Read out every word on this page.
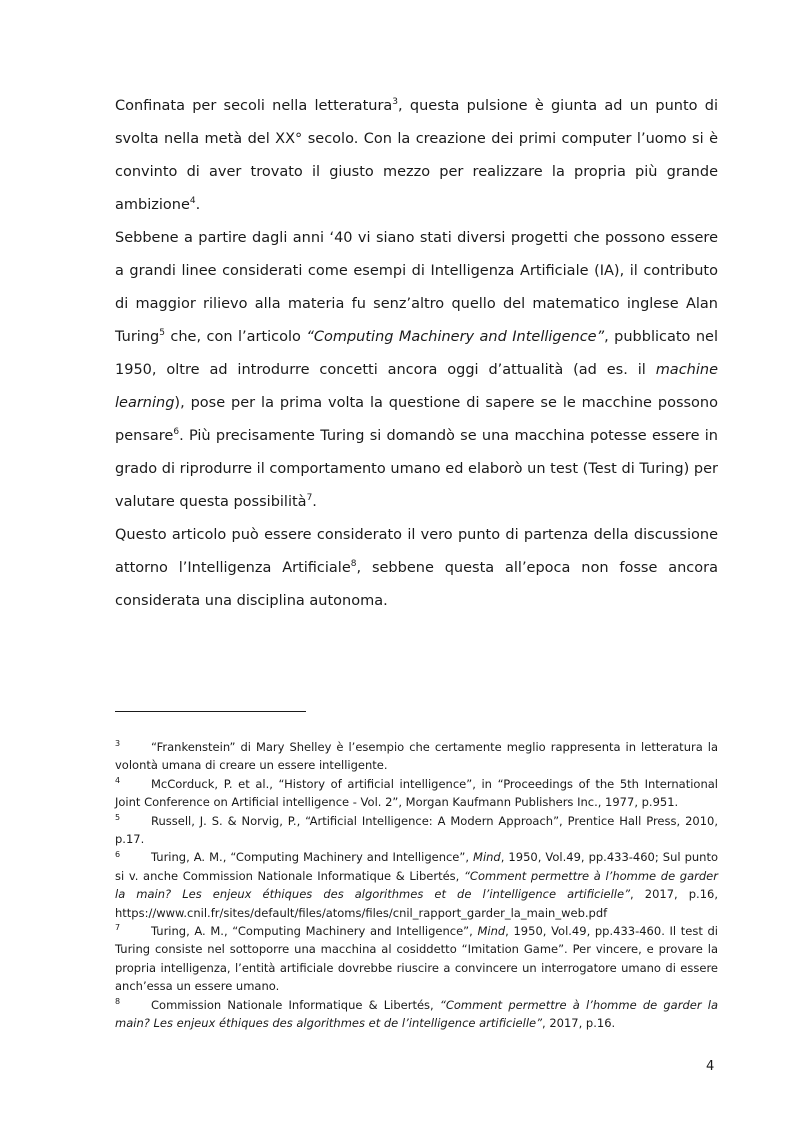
Confinata per secoli nella letteratura$^3$, questa pulsione è giunta ad un punto di svolta nella metà del XX° secolo. Con la creazione dei primi computer l’uomo si è convinto di aver trovato il giusto mezzo per realizzare la propria più grande ambizione$^4$.

Sebbene a partire dagli anni ‘40 vi siano stati diversi progetti che possono essere a grandi linee considerati come esempi di Intelligenza Artificiale (IA), il contributo di maggior rilievo alla materia fu senz’altro quello del matematico inglese Alan Turing$^5$ che, con l’articolo “Computing Machinery and Intelligence”, pubblicato nel 1950, oltre ad introdurre concetti ancora oggi d’attualità (ad es. il machine learning), pose per la prima volta la questione di sapere se le macchine possono pensare$^6$. Più precisamente Turing si domandò se una macchina potesse essere in grado di riprodurre il comportamento umano ed elaborò un test (Test di Turing) per valutare questa possibilità$^7$.

Questo articolo può essere considerato il vero punto di partenza della discussione attorno l’Intelligenza Artificiale$^8$, sebbene questa all’epoca non fosse ancora considerata una disciplina autonoma.

3	“Frankenstein” di Mary Shelley è l’esempio che certamente meglio rappresenta in letteratura la volontà umana di creare un essere intelligente.

4	McCorduck, P. et al., “History of artificial intelligence”, in “Proceedings of the 5th International Joint Conference on Artificial intelligence - Vol. 2”, Morgan Kaufmann Publishers Inc., 1977, p.951.

5	Russell, J. S. & Norvig, P., “Artificial Intelligence: A Modern Approach”, Prentice Hall Press, 2010, p.17.

6	Turing, A. M., “Computing Machinery and Intelligence”, Mind, 1950, Vol.49, pp.433-460; Sul punto si v. anche Commission Nationale Informatique & Libertés, “Comment permettre à l’homme de garder la main? Les enjeux éthiques des algorithmes et de l’intelligence artificielle”, 2017, p.16, https://www.cnil.fr/sites/default/files/atoms/files/cnil_rapport_garder_la_main_web.pdf

7	Turing, A. M., “Computing Machinery and Intelligence”, Mind, 1950, Vol.49, pp.433-460. Il test di Turing consiste nel sottoporre una macchina al cosiddetto “Imitation Game”. Per vincere, e provare la propria intelligenza, l’entità artificiale dovrebbe riuscire a convincere un interrogatore umano di essere anch’essa un essere umano.

8	Commission Nationale Informatique & Libertés, “Comment permettre à l’homme de garder la main? Les enjeux éthiques des algorithmes et de l’intelligence artificielle”, 2017, p.16.

4
